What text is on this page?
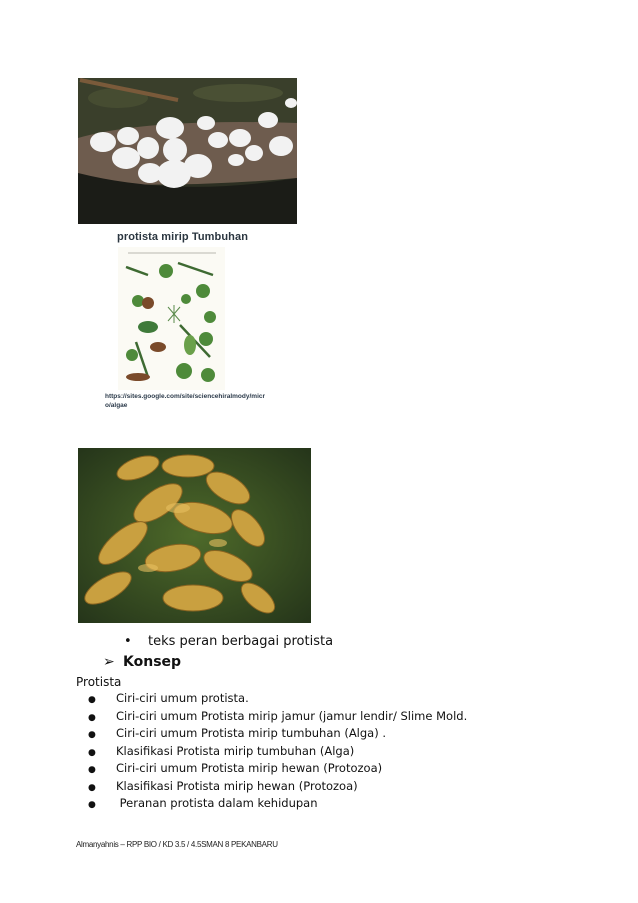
protista mirip Tumbuhan
https://sites.google.com/site/sciencehiralmody/micr
o/algae
• teks peran berbagai protista
➢ Konsep
Protista
● Ciri-ciri umum protista.
● Ciri-ciri umum Protista mirip jamur (jamur lendir/ Slime Mold.
● Ciri-ciri umum Protista mirip tumbuhan (Alga) .
● Klasifikasi Protista mirip tumbuhan (Alga)
● Ciri-ciri umum Protista mirip hewan (Protozoa)
● Klasifikasi Protista mirip hewan (Protozoa)
● Peranan protista dalam kehidupan
Almanyahnis – RPP BIO / KD 3.5 / 4.5SMAN 8 PEKANBARU
